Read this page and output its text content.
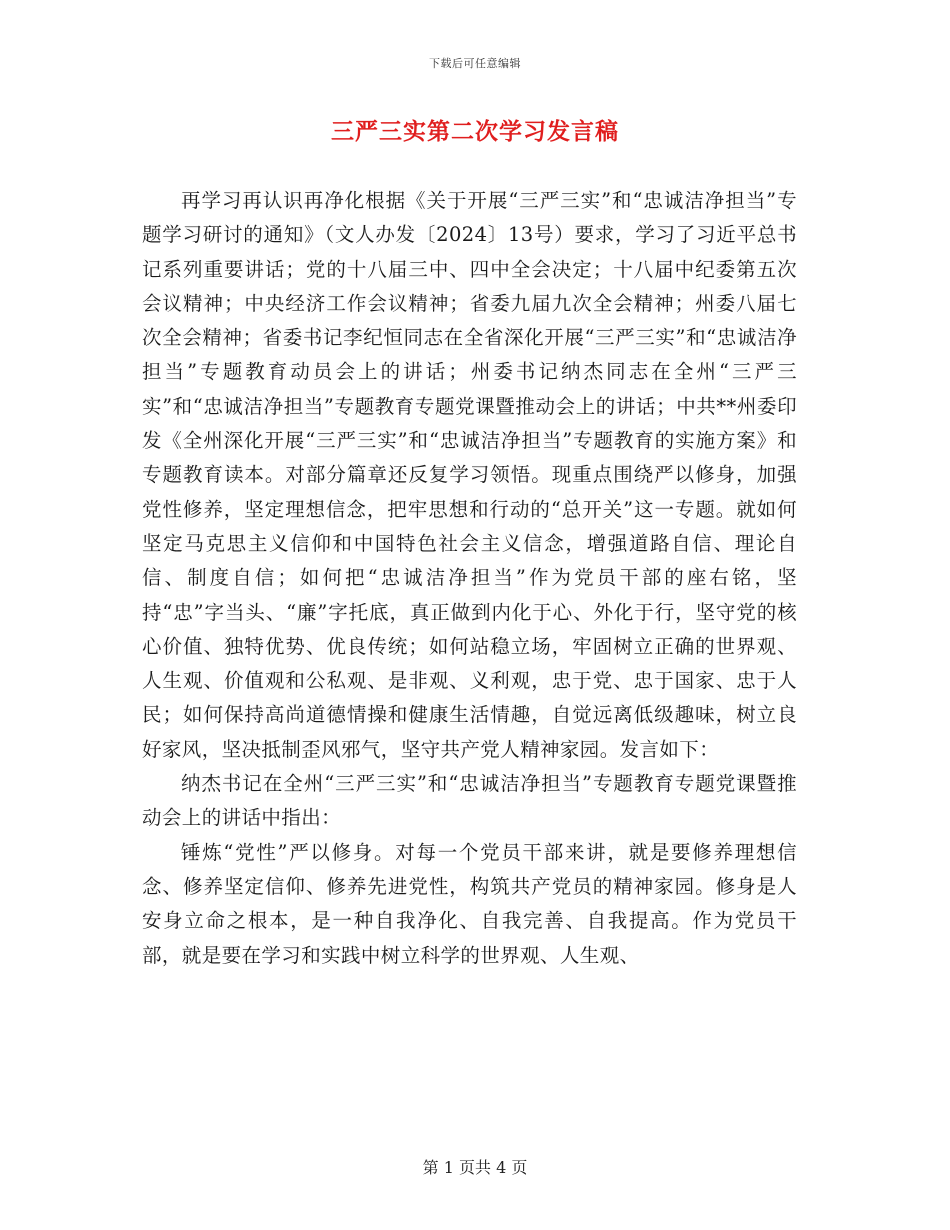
下载后可任意编辑
三严三实第二次学习发言稿

再学习再认识再净化根据《关于开展“三严三实”和“忠诚洁净担当”专题学习研讨的通知》（文人办发〔2024〕13号）要求，学习了习近平总书记系列重要讲话；党的十八届三中、四中全会决定；十八届中纪委第五次会议精神；中央经济工作会议精神；省委九届九次全会精神；州委八届七次全会精神；省委书记李纪恒同志在全省深化开展“三严三实”和“忠诚洁净担当”专题教育动员会上的讲话；州委书记纳杰同志在全州“三严三实”和“忠诚洁净担当”专题教育专题党课暨推动会上的讲话；中共**州委印发《全州深化开展“三严三实”和“忠诚洁净担当”专题教育的实施方案》和专题教育读本。对部分篇章还反复学习领悟。现重点围绕严以修身，加强党性修养，坚定理想信念，把牢思想和行动的“总开关”这一专题。就如何坚定马克思主义信仰和中国特色社会主义信念，增强道路自信、理论自信、制度自信；如何把“忠诚洁净担当”作为党员干部的座右铭，坚持“忠”字当头、“廉”字托底，真正做到内化于心、外化于行，坚守党的核心价值、独特优势、优良传统；如何站稳立场，牢固树立正确的世界观、人生观、价值观和公私观、是非观、义利观，忠于党、忠于国家、忠于人民；如何保持高尚道德情操和健康生活情趣，自觉远离低级趣味，树立良好家风，坚决抵制歪风邪气，坚守共产党人精神家园。发言如下：

纳杰书记在全州“三严三实”和“忠诚洁净担当”专题教育专题党课暨推动会上的讲话中指出：

锤炼“党性”严以修身。对每一个党员干部来讲，就是要修养理想信念、修养坚定信仰、修养先进党性，构筑共产党员的精神家园。修身是人安身立命之根本，是一种自我净化、自我完善、自我提高。作为党员干部，就是要在学习和实践中树立科学的世界观、人生观、

第 1 页共 4 页
